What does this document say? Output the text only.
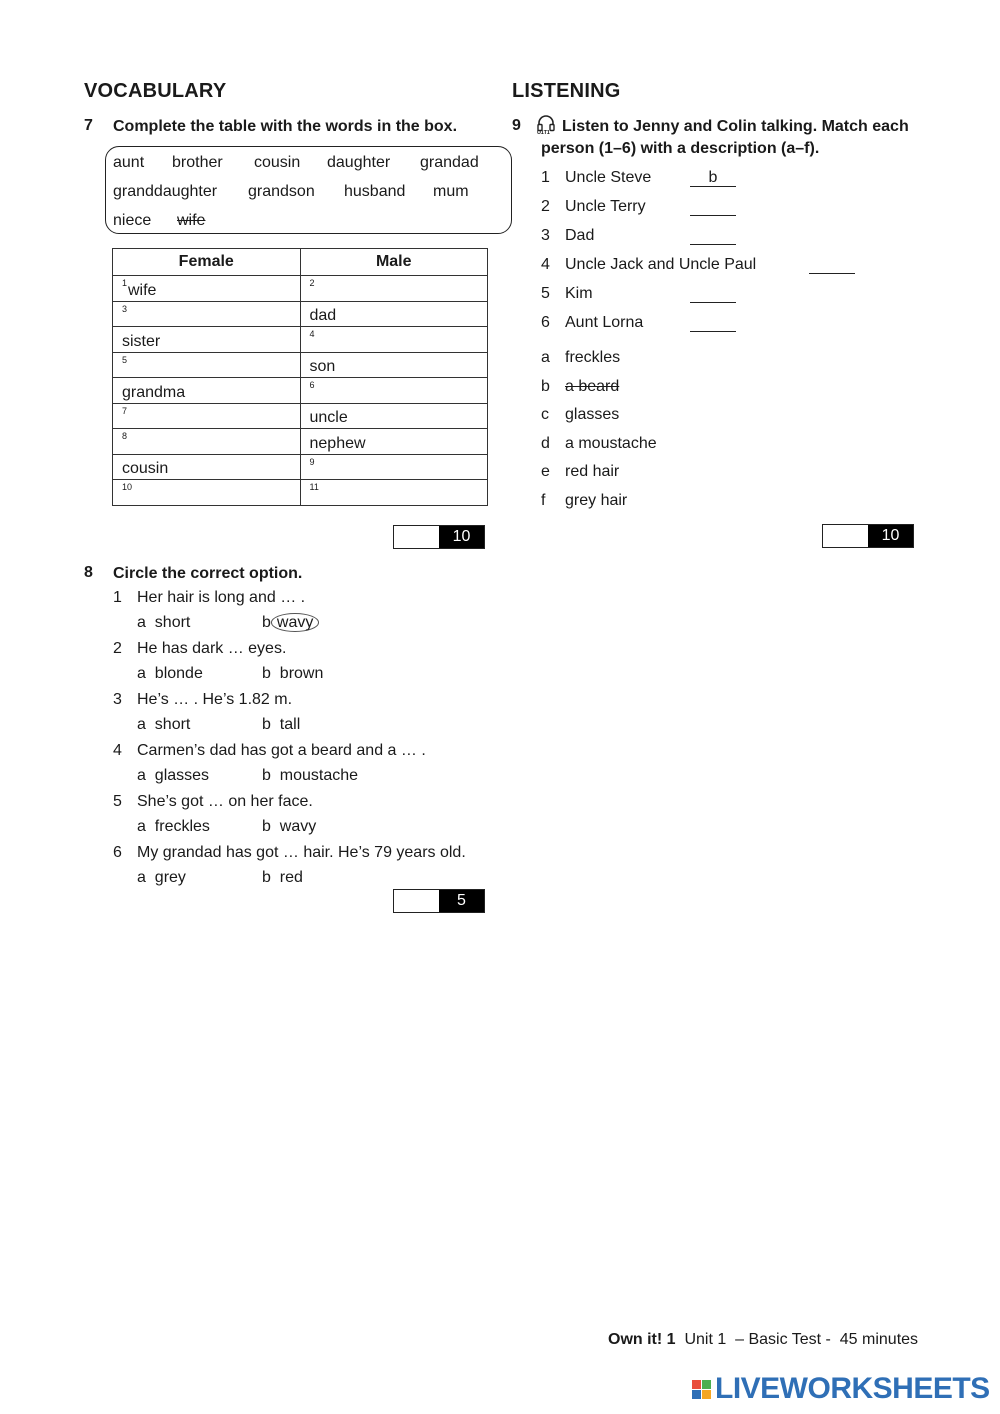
VOCABULARY
7 Complete the table with the words in the box.
aunt brother cousin daughter grandad
granddaughter grandson husband mum
niece wife
Female	Male

1 wife	2

3	dad

sister	4

5	son

grandma	6

7	uncle

8	nephew

cousin	9

10	11
10
8 Circle the correct option.
1 Her hair is long and … .
a short	b wavy
2 He has dark … eyes.
a blonde	b brown
3 He’s … . He’s 1.82 m.
a short	b tall
4 Carmen’s dad has got a beard and a … .
a glasses	b moustache
5 She’s got … on her face.
a freckles	b wavy
6 My grandad has got … hair. He’s 79 years old.
a grey	b red
5
LISTENING
9	U1T1 Listen to Jenny and Colin talking. Match each
person (1–6) with a description (a–f).
1 Uncle Steve	b
2 Uncle Terry
3 Dad
4 Uncle Jack and Uncle Paul
5 Kim
6 Aunt Lorna
a freckles
b a beard
c glasses
d a moustache
e red hair
f grey hair
10
Own it! 1 Unit 1 – Basic Test - 45 minutes
LIVEWORKSHEETS
